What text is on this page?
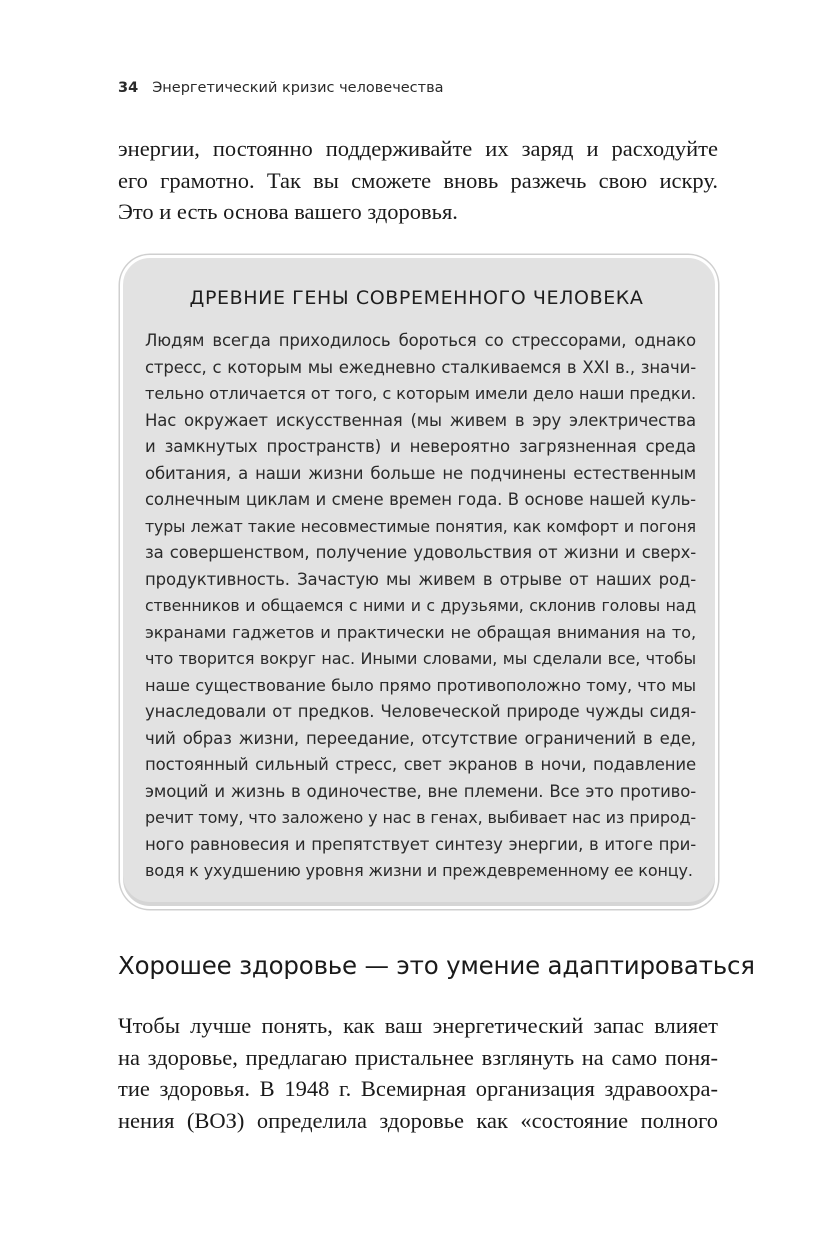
34 Энергетический кризис человечества
энергии, постоянно поддерживайте их заряд и расходуйте
его грамотно. Так вы сможете вновь разжечь свою искру.
Это и есть основа вашего здоровья.
ДРЕВНИЕ ГЕНЫ СОВРЕМЕННОГО ЧЕЛОВЕКА
Людям всегда приходилось бороться со стрессорами, однако
стресс, с которым мы ежедневно сталкиваемся в XXI в., значи-
тельно отличается от того, с которым имели дело наши предки.
Нас окружает искусственная (мы живем в эру электричества
и замкнутых пространств) и невероятно загрязненная среда
обитания, а наши жизни больше не подчинены естественным
солнечным циклам и смене времен года. В основе нашей куль-
туры лежат такие несовместимые понятия, как комфорт и погоня
за совершенством, получение удовольствия от жизни и сверх-
продуктивность. Зачастую мы живем в отрыве от наших род-
ственников и общаемся с ними и с друзьями, склонив головы над
экранами гаджетов и практически не обращая внимания на то,
что творится вокруг нас. Иными словами, мы сделали все, чтобы
наше существование было прямо противоположно тому, что мы
унаследовали от предков. Человеческой природе чужды сидя-
чий образ жизни, переедание, отсутствие ограничений в еде,
постоянный сильный стресс, свет экранов в ночи, подавление
эмоций и жизнь в одиночестве, вне племени. Все это противо-
речит тому, что заложено у нас в генах, выбивает нас из природ-
ного равновесия и препятствует синтезу энергии, в итоге при-
водя к ухудшению уровня жизни и преждевременному ее концу.
Хорошее здоровье — это умение адаптироваться
Чтобы лучше понять, как ваш энергетический запас влияет
на здоровье, предлагаю пристальнее взглянуть на само поня-
тие здоровья. В 1948 г. Всемирная организация здравоохра-
нения (ВОЗ) определила здоровье как «состояние полного
